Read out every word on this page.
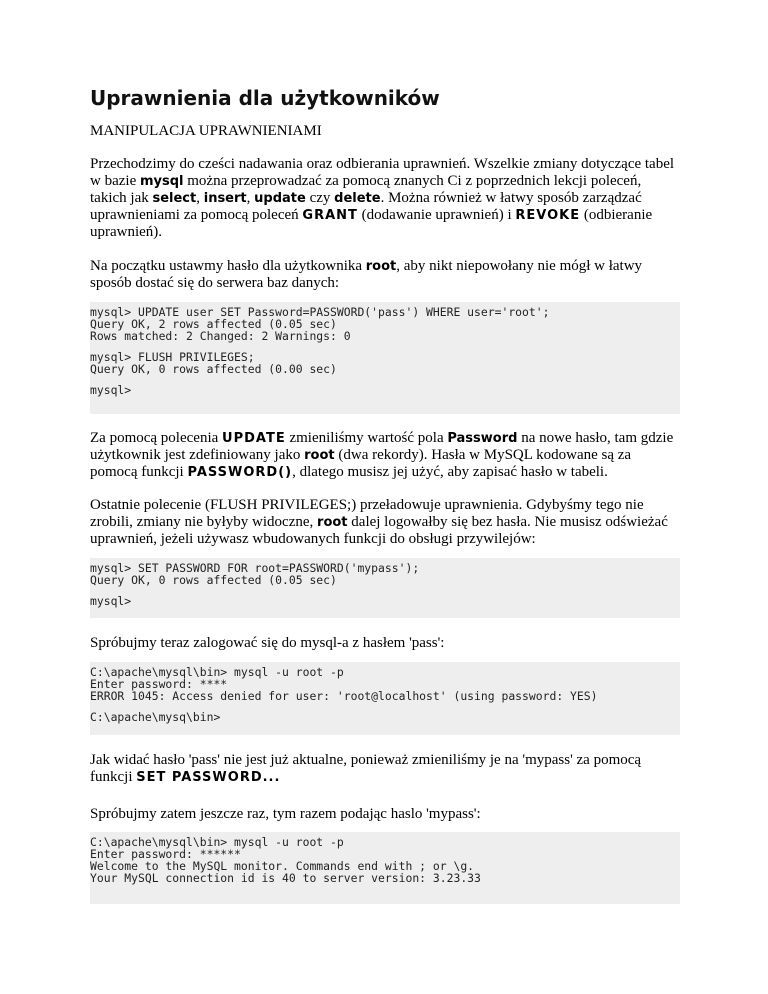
Uprawnienia dla użytkowników

MANIPULACJA UPRAWNIENIAMI

Przechodzimy do cześci nadawania oraz odbierania uprawnień. Wszelkie zmiany dotyczące tabel w bazie mysql można przeprowadzać za pomocą znanych Ci z poprzednich lekcji poleceń, takich jak select, insert, update czy delete. Można również w łatwy sposób zarządzać uprawnieniami za pomocą poleceń GRANT (dodawanie uprawnień) i REVOKE (odbieranie uprawnień).

Na początku ustawmy hasło dla użytkownika root, aby nikt niepowołany nie mógł w łatwy sposób dostać się do serwera baz danych:

mysql> UPDATE user SET Password=PASSWORD('pass') WHERE user='root';
Query OK, 2 rows affected (0.05 sec)
Rows matched: 2 Changed: 2 Warnings: 0
mysql> FLUSH PRIVILEGES;
Query OK, 0 rows affected (0.00 sec)
mysql>

Za pomocą polecenia UPDATE zmieniliśmy wartość pola Password na nowe hasło, tam gdzie użytkownik jest zdefiniowany jako root (dwa rekordy). Hasła w MySQL kodowane są za pomocą funkcji PASSWORD(), dlatego musisz jej użyć, aby zapisać hasło w tabeli.

Ostatnie polecenie (FLUSH PRIVILEGES;) przeładowuje uprawnienia. Gdybyśmy tego nie zrobili, zmiany nie byłyby widoczne, root dalej logowałby się bez hasła. Nie musisz odświeżać uprawnień, jeżeli używasz wbudowanych funkcji do obsługi przywilejów:

mysql> SET PASSWORD FOR root=PASSWORD('mypass');
Query OK, 0 rows affected (0.05 sec)
mysql>

Spróbujmy teraz zalogować się do mysql-a z hasłem 'pass':

C:\apache\mysql\bin> mysql -u root -p
Enter password: ****
ERROR 1045: Access denied for user: 'root@localhost' (using password: YES)
C:\apache\mysq\bin>

Jak widać hasło 'pass' nie jest już aktualne, ponieważ zmieniliśmy je na 'mypass' za pomocą funkcji SET PASSWORD...

Spróbujmy zatem jeszcze raz, tym razem podając haslo 'mypass':

C:\apache\mysql\bin> mysql -u root -p
Enter password: ******
Welcome to the MySQL monitor. Commands end with ; or \g.
Your MySQL connection id is 40 to server version: 3.23.33
